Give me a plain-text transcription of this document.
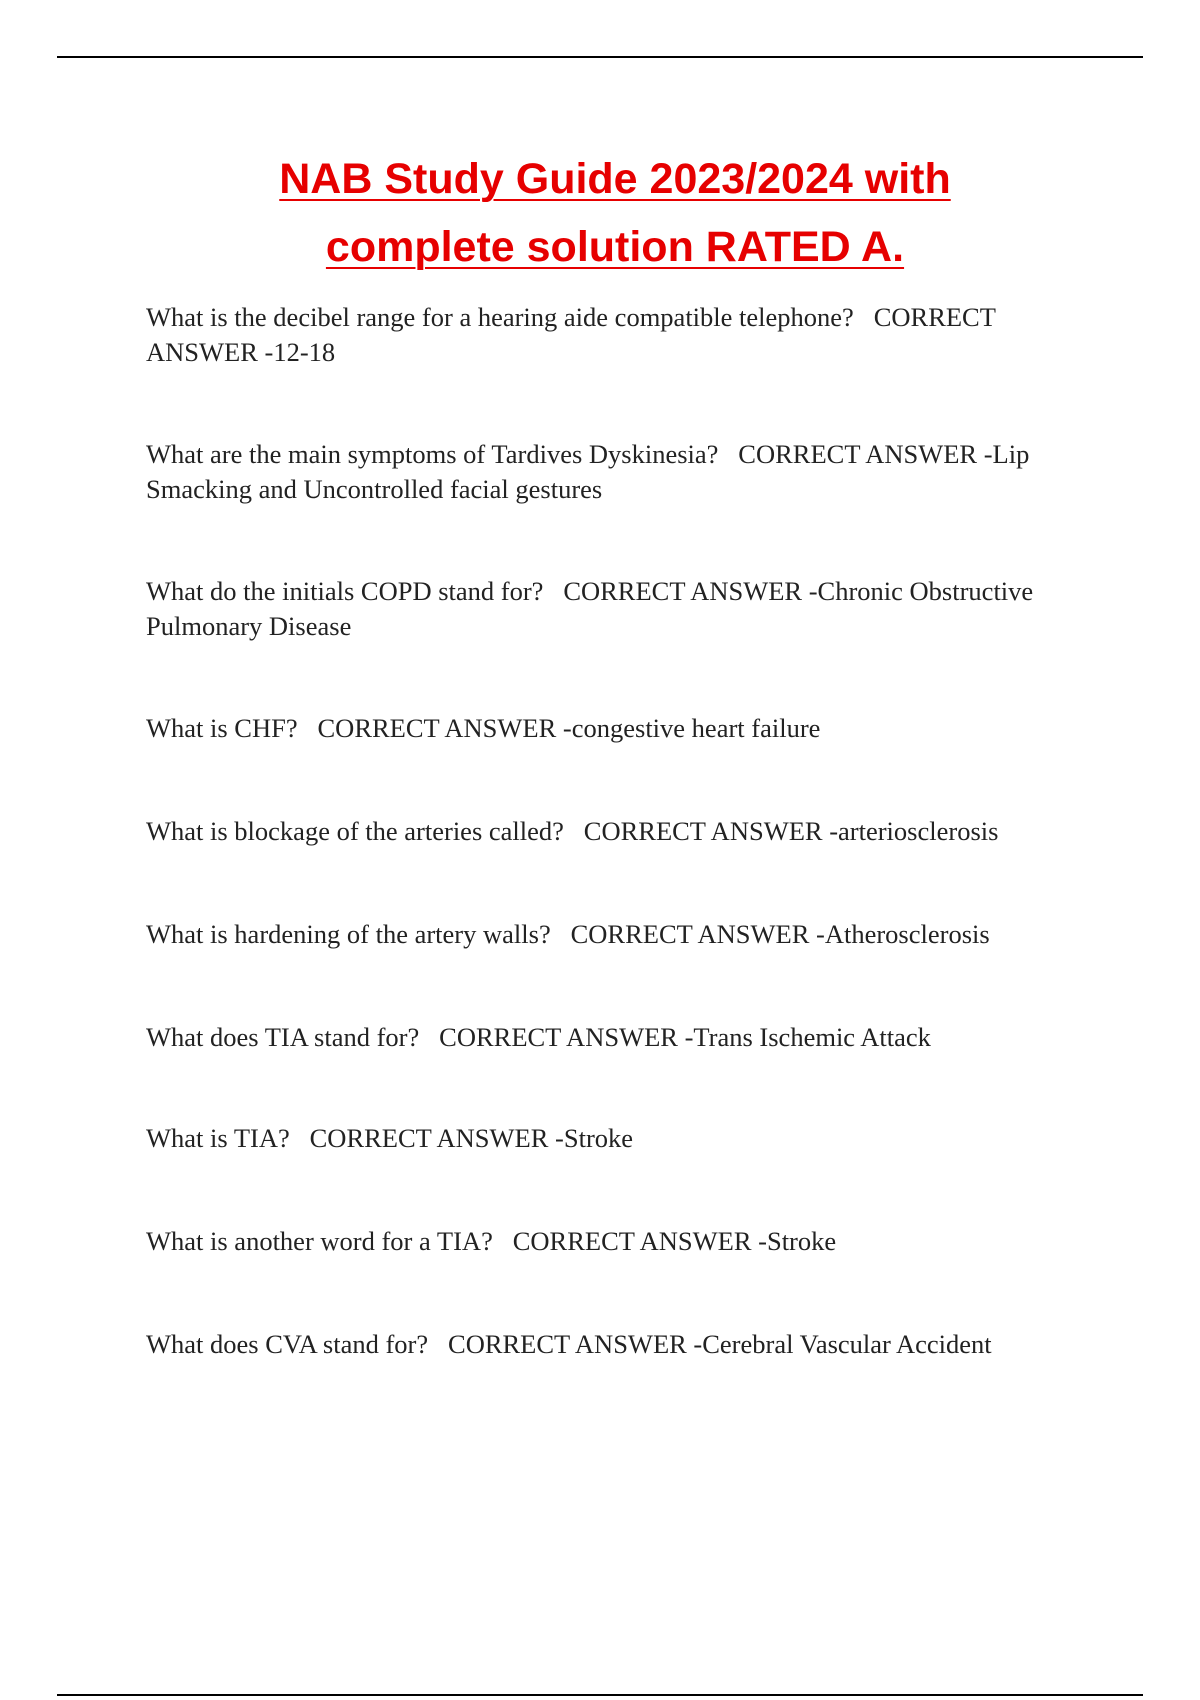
NAB Study Guide 2023/2024 with
complete solution RATED A.

What is the decibel range for a hearing aide compatible telephone? CORRECT ANSWER -12-18

What are the main symptoms of Tardives Dyskinesia? CORRECT ANSWER -Lip Smacking and Uncontrolled facial gestures

What do the initials COPD stand for? CORRECT ANSWER -Chronic Obstructive Pulmonary Disease

What is CHF? CORRECT ANSWER -congestive heart failure

What is blockage of the arteries called? CORRECT ANSWER -arteriosclerosis

What is hardening of the artery walls? CORRECT ANSWER -Atherosclerosis

What does TIA stand for? CORRECT ANSWER -Trans Ischemic Attack

What is TIA? CORRECT ANSWER -Stroke

What is another word for a TIA? CORRECT ANSWER -Stroke

What does CVA stand for? CORRECT ANSWER -Cerebral Vascular Accident
